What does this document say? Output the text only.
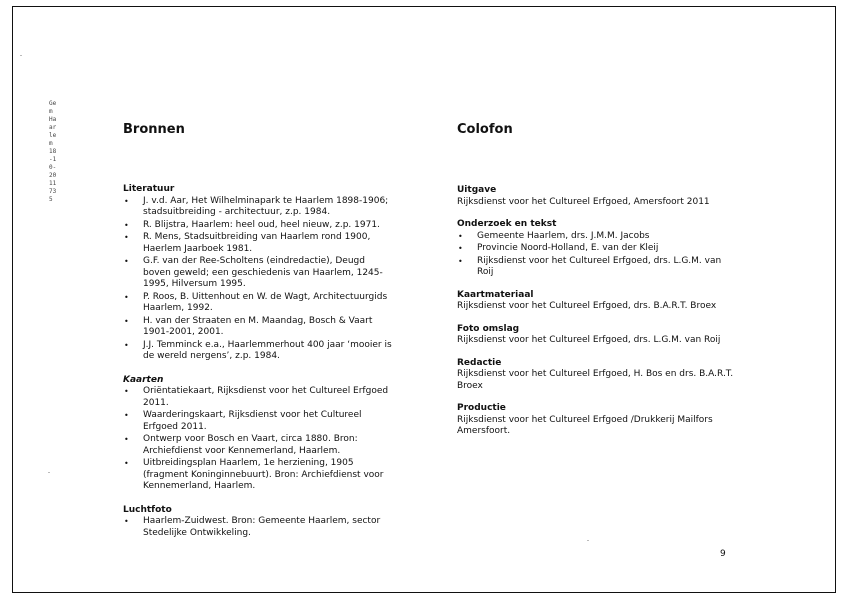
Gem Haarlem 18-10-2011 735
Bronnen

Literatuur

• J. v.d. Aar, Het Wilhelminapark te Haarlem 1898-1906; stadsuitbreiding - architectuur, z.p. 1984.
• R. Blijstra, Haarlem: heel oud, heel nieuw, z.p. 1971.
• R. Mens, Stadsuitbreiding van Haarlem rond 1900, Haerlem Jaarboek 1981.
• G.F. van der Ree-Scholtens (eindredactie), Deugd boven geweld; een geschiedenis van Haarlem, 1245-1995, Hilversum 1995.
• P. Roos, B. Uittenhout en W. de Wagt, Architectuurgids Haarlem, 1992.
• H. van der Straaten en M. Maandag, Bosch & Vaart 1901-2001, 2001.
• J.J. Temminck e.a., Haarlemmerhout 400 jaar ‘mooier is de wereld nergens’, z.p. 1984.

Kaarten

• Oriëntatiekaart, Rijksdienst voor het Cultureel Erfgoed 2011.
• Waarderingskaart, Rijksdienst voor het Cultureel Erfgoed 2011.
• Ontwerp voor Bosch en Vaart, circa 1880. Bron: Archiefdienst voor Kennemerland, Haarlem.
• Uitbreidingsplan Haarlem, 1e herziening, 1905 (fragment Koninginnebuurt). Bron: Archiefdienst voor Kennemerland, Haarlem.

Luchtfoto

• Haarlem-Zuidwest. Bron: Gemeente Haarlem, sector Stedelijke Ontwikkeling.
Colofon

Uitgave

Rijksdienst voor het Cultureel Erfgoed, Amersfoort 2011

Onderzoek en tekst

• Gemeente Haarlem, drs. J.M.M. Jacobs
• Provincie Noord-Holland, E. van der Kleij
• Rijksdienst voor het Cultureel Erfgoed, drs. L.G.M. van Roij

Kaartmateriaal

Rijksdienst voor het Cultureel Erfgoed, drs. B.A.R.T. Broex

Foto omslag

Rijksdienst voor het Cultureel Erfgoed, drs. L.G.M. van Roij

Redactie

Rijksdienst voor het Cultureel Erfgoed, H. Bos en drs. B.A.R.T. Broex

Productie

Rijksdienst voor het Cultureel Erfgoed /Drukkerij Mailfors Amersfoort.

9
